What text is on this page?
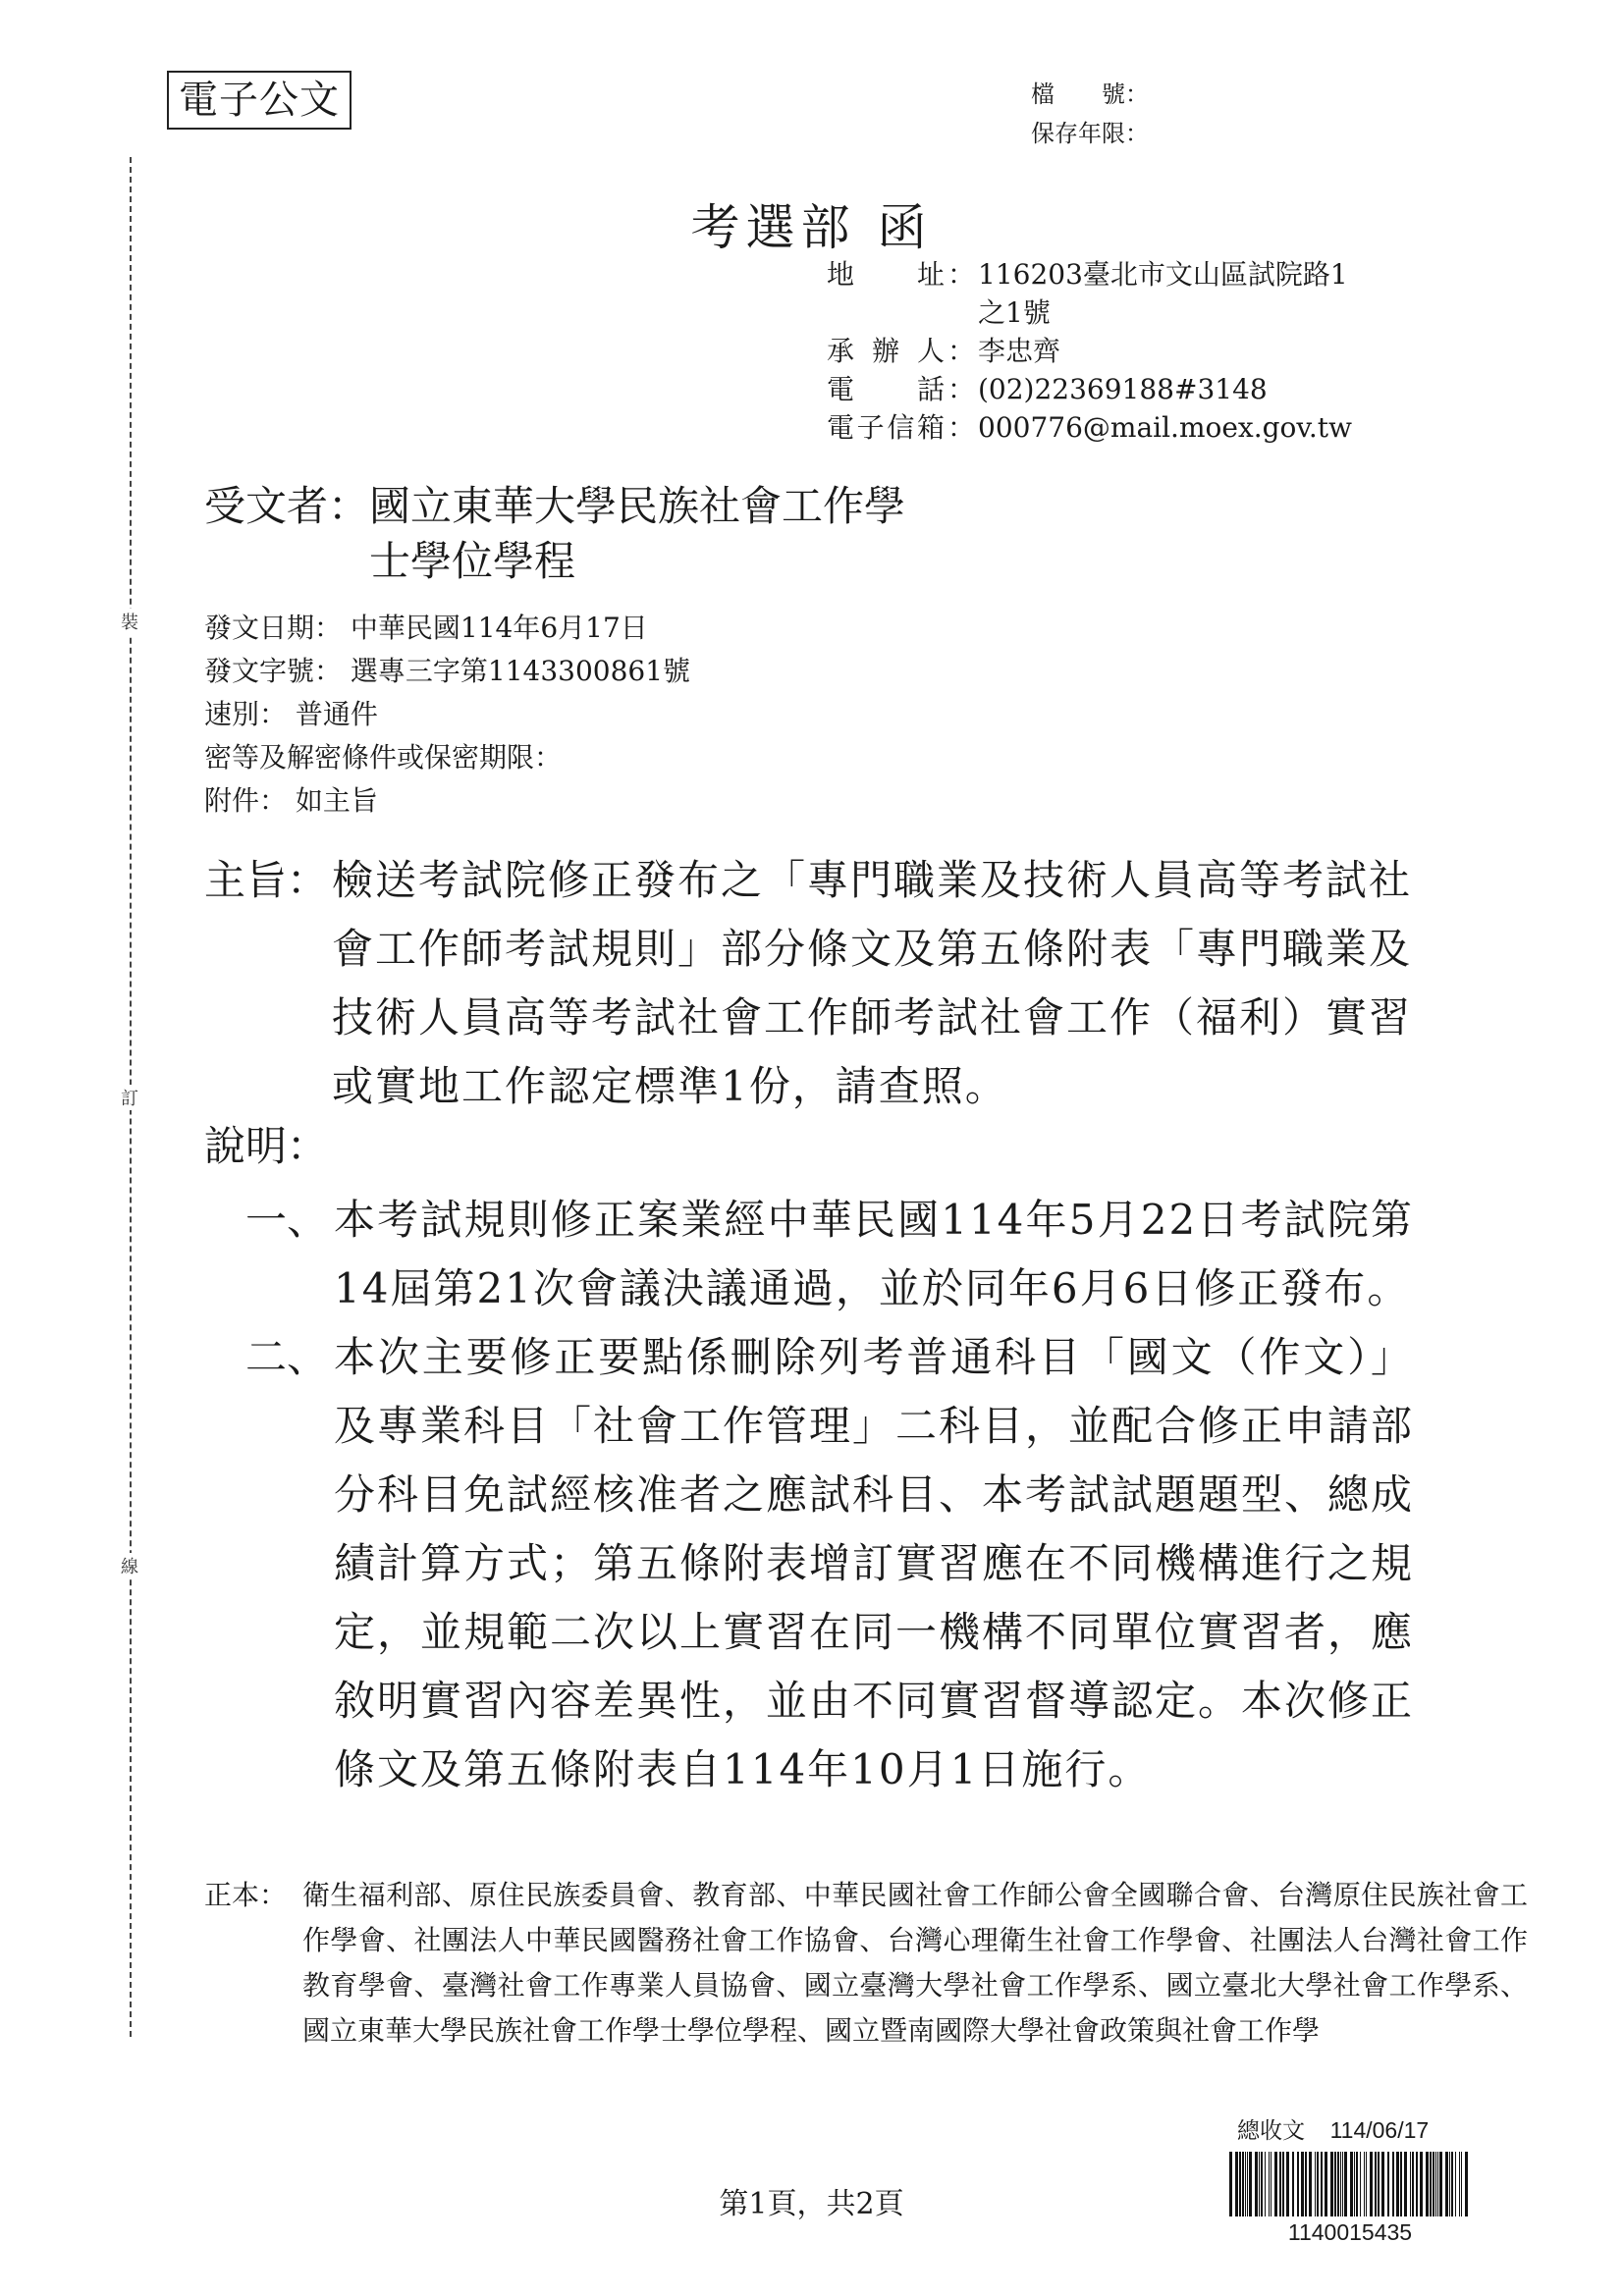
電子公文	檔　　號：
保存年限：
裝
訂
線
考選部 函
地址 ： 116203臺北市文山區試院路1
之1號
承辦人 ： 李忠齊
電話 ： (02)22369188#3148
電子信箱 ： 000776@mail.moex.gov.tw
受文者： 國立東華大學民族社會工作學士學位學程
發文日期： 中華民國114年6月17日
發文字號： 選專三字第1143300861號
速別： 普通件
密等及解密條件或保密期限：
附件： 如主旨
主旨： 檢送考試院修正發布之「專門職業及技術人員高等考試社會工作師考試規則」部分條文及第五條附表「專門職業及技術人員高等考試社會工作師考試社會工作（福利）實習或實地工作認定標準1份，請查照。
說明：
一、 本考試規則修正案業經中華民國114年5月22日考試院第14屆第21次會議決議通過，並於同年6月6日修正發布。
二、 本次主要修正要點係刪除列考普通科目「國文（作文）」及專業科目「社會工作管理」二科目，並配合修正申請部分科目免試經核准者之應試科目、本考試試題題型、總成績計算方式；第五條附表增訂實習應在不同機構進行之規定，並規範二次以上實習在同一機構不同單位實習者，應敘明實習內容差異性，並由不同實習督導認定。本次修正條文及第五條附表自114年10月1日施行。
正本： 衛生福利部、原住民族委員會、教育部、中華民國社會工作師公會全國聯合會、台灣原住民族社會工作學會、社團法人中華民國醫務社會工作協會、台灣心理衛生社會工作學會、社團法人台灣社會工作教育學會、臺灣社會工作專業人員協會、國立臺灣大學社會工作學系、國立臺北大學社會工作學系、國立東華大學民族社會工作學士學位學程、國立暨南國際大學社會政策與社會工作學
第1頁，共2頁
總收文 114/06/17
1140015435
